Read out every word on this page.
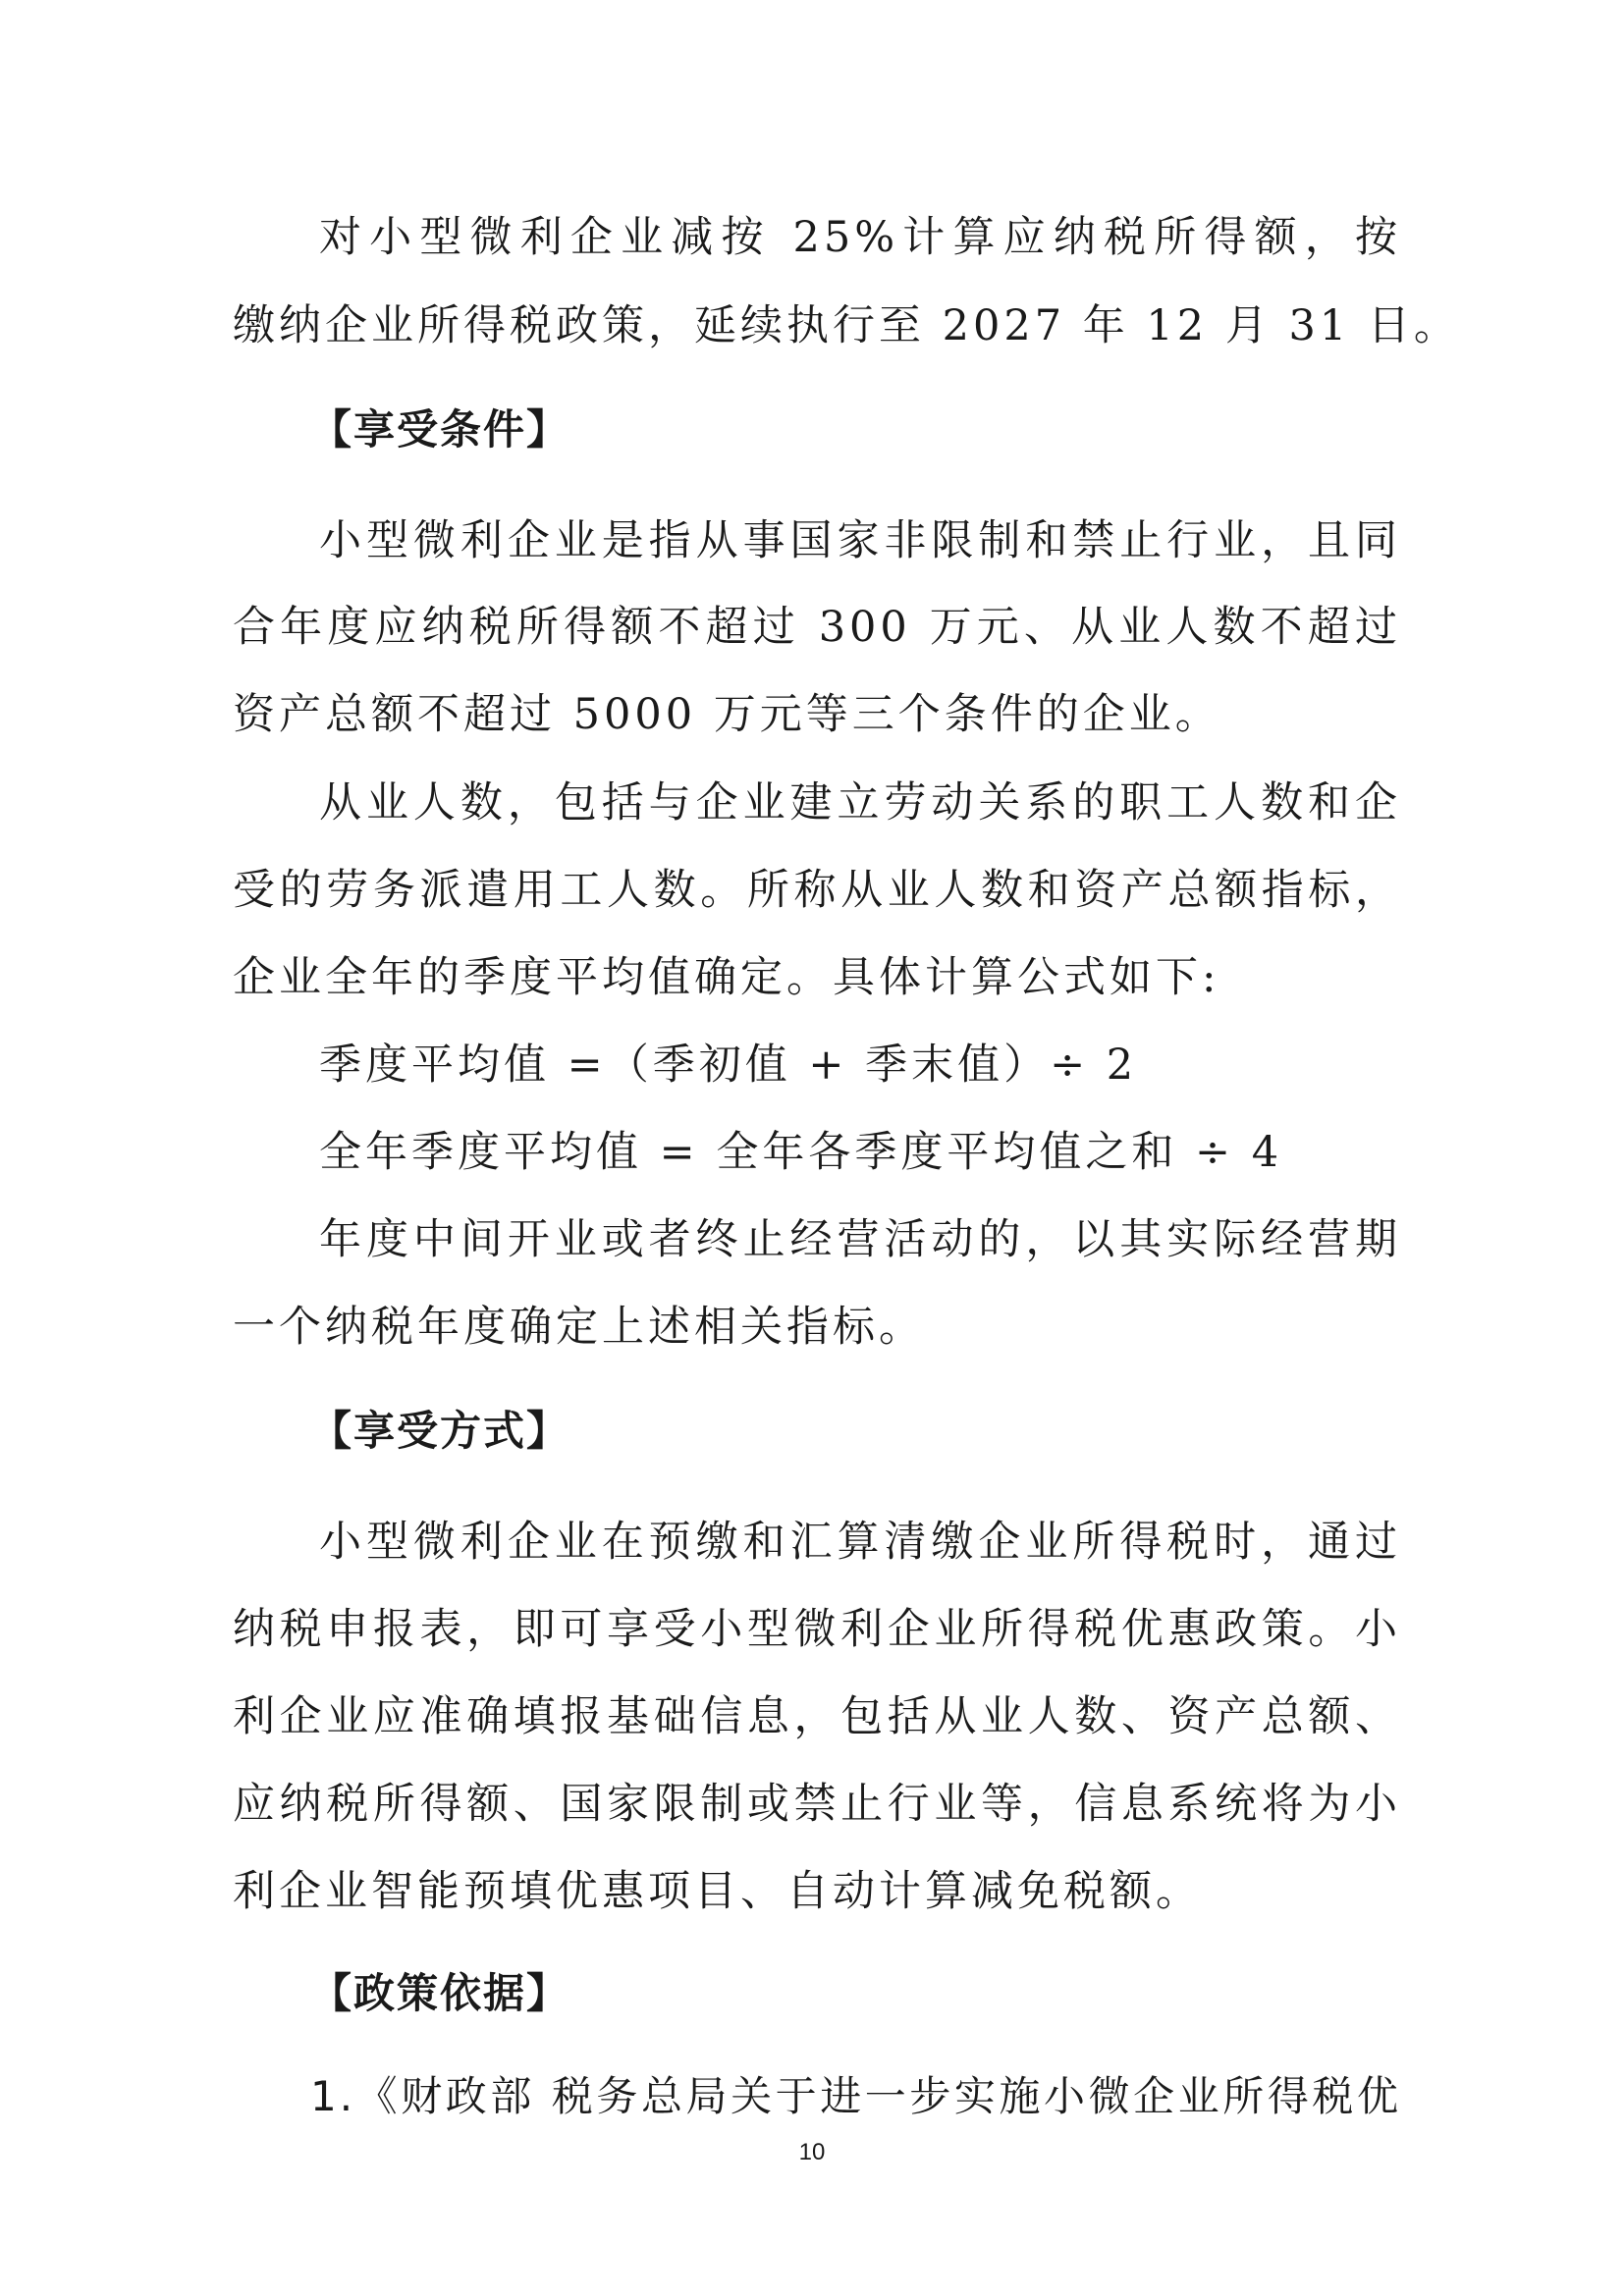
对小型微利企业减按 25%计算应纳税所得额，按
缴纳企业所得税政策，延续执行至 2027 年 12 月 31 日。
【享受条件】
小型微利企业是指从事国家非限制和禁止行业，且同
合年度应纳税所得额不超过 300 万元、从业人数不超过
资产总额不超过 5000 万元等三个条件的企业。
从业人数，包括与企业建立劳动关系的职工人数和企
受的劳务派遣用工人数。所称从业人数和资产总额指标，
企业全年的季度平均值确定。具体计算公式如下:
季度平均值 =（季初值 + 季末值）÷ 2
全年季度平均值 = 全年各季度平均值之和 ÷ 4
年度中间开业或者终止经营活动的，以其实际经营期
一个纳税年度确定上述相关指标。
【享受方式】
小型微利企业在预缴和汇算清缴企业所得税时，通过
纳税申报表，即可享受小型微利企业所得税优惠政策。小
利企业应准确填报基础信息，包括从业人数、资产总额、
应纳税所得额、国家限制或禁止行业等，信息系统将为小
利企业智能预填优惠项目、自动计算减免税额。
【政策依据】
1.《财政部 税务总局关于进一步实施小微企业所得税优
10
